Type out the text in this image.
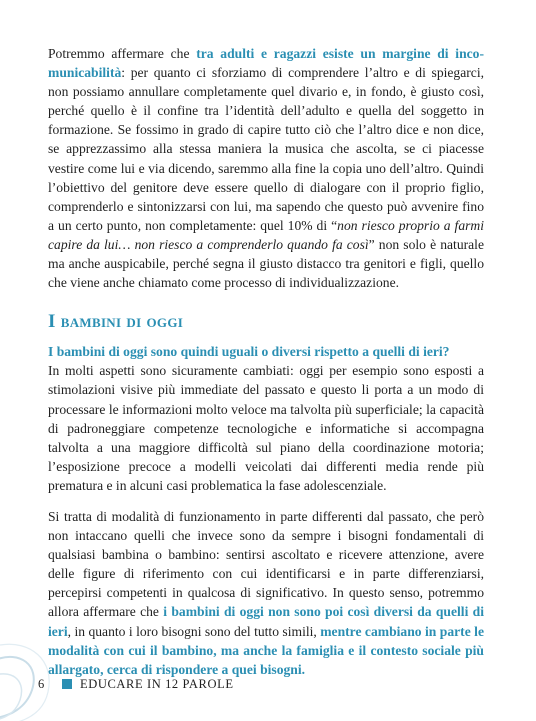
Potremmo affermare che tra adulti e ragazzi esiste un margine di incomunicabilità: per quanto ci sforziamo di comprendere l’altro e di spiegarci, non possiamo annullare completamente quel divario e, in fondo, è giusto così, perché quello è il confine tra l’identità dell’adulto e quella del soggetto in formazione. Se fossimo in grado di capire tutto ciò che l’altro dice e non dice, se apprezzassimo alla stessa maniera la musica che ascolta, se ci piacesse vestire come lui e via dicendo, saremmo alla fine la copia uno dell’altro. Quindi l’obiettivo del genitore deve essere quello di dialogare con il proprio figlio, comprenderlo e sintonizzarsi con lui, ma sapendo che questo può avvenire fino a un certo punto, non completamente: quel 10% di “non riesco proprio a farmi capire da lui… non riesco a comprenderlo quando fa così” non solo è naturale ma anche auspicabile, perché segna il giusto distacco tra genitori e figli, quello che viene anche chiamato come processo di individualizzazione.

I bambini di oggi

I bambini di oggi sono quindi uguali o diversi rispetto a quelli di ieri?

In molti aspetti sono sicuramente cambiati: oggi per esempio sono esposti a stimolazioni visive più immediate del passato e questo li porta a un modo di processare le informazioni molto veloce ma talvolta più superficiale; la capacità di padroneggiare competenze tecnologiche e informatiche si accompagna talvolta a una maggiore difficoltà sul piano della coordinazione motoria; l’esposizione precoce a modelli veicolati dai differenti media rende più prematura e in alcuni casi problematica la fase adolescenziale.

Si tratta di modalità di funzionamento in parte differenti dal passato, che però non intaccano quelli che invece sono da sempre i bisogni fondamentali di qualsiasi bambina o bambino: sentirsi ascoltato e ricevere attenzione, avere delle figure di riferimento con cui identificarsi e in parte differenziarsi, percepirsi competenti in qualcosa di significativo. In questo senso, potremmo allora affermare che i bambini di oggi non sono poi così diversi da quelli di ieri, in quanto i loro bisogni sono del tutto simili, mentre cambiano in parte le modalità con cui il bambino, ma anche la famiglia e il contesto sociale più allargato, cerca di rispondere a quei bisogni.

6	EDUCARE IN 12 PAROLE
